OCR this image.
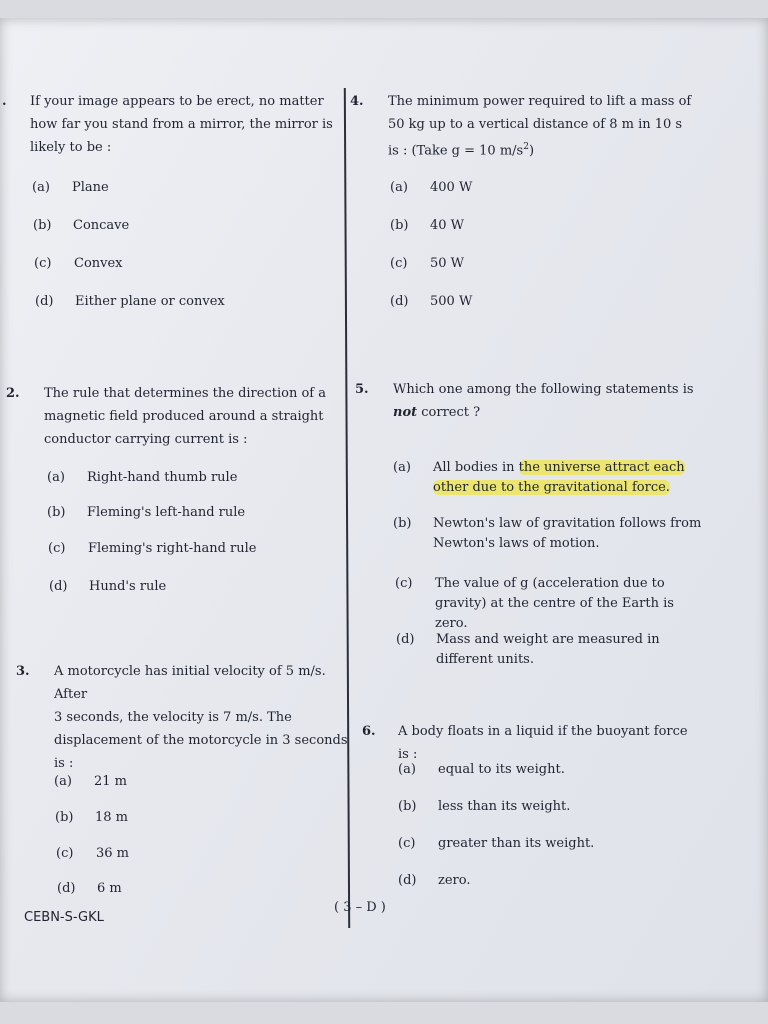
. If your image appears to be erect, no matter
how far you stand from a mirror, the mirror is
likely to be :
(a) Plane
(b) Concave
(c) Convex
(d) Either plane or convex
2. The rule that determines the direction of a
magnetic field produced around a straight
conductor carrying current is :
(a) Right-hand thumb rule
(b) Fleming's left-hand rule
(c) Fleming's right-hand rule
(d) Hund's rule
3. A motorcycle has initial velocity of 5 m/s. After
3 seconds, the velocity is 7 m/s. The
displacement of the motorcycle in 3 seconds
is :
(a) 21 m
(b) 18 m
(c) 36 m
(d) 6 m
4. The minimum power required to lift a mass of
50 kg up to a vertical distance of 8 m in 10 s
is : (Take g = 10 $m/s^2$)
(a) 400 W
(b) 40 W
(c) 50 W
(d) 500 W
5. Which one among the following statements is
not correct ?
(a) All bodies in the universe attract each
other due to the gravitational force.
(b) Newton's law of gravitation follows from
Newton's laws of motion.
(c) The value of g (acceleration due to
gravity) at the centre of the Earth is zero.
(d) Mass and weight are measured in
different units.
6. A body floats in a liquid if the buoyant force is :
(a) equal to its weight.
(b) less than its weight.
(c) greater than its weight.
(d) zero.
CEBN-S-GKL
( 3 – D )
